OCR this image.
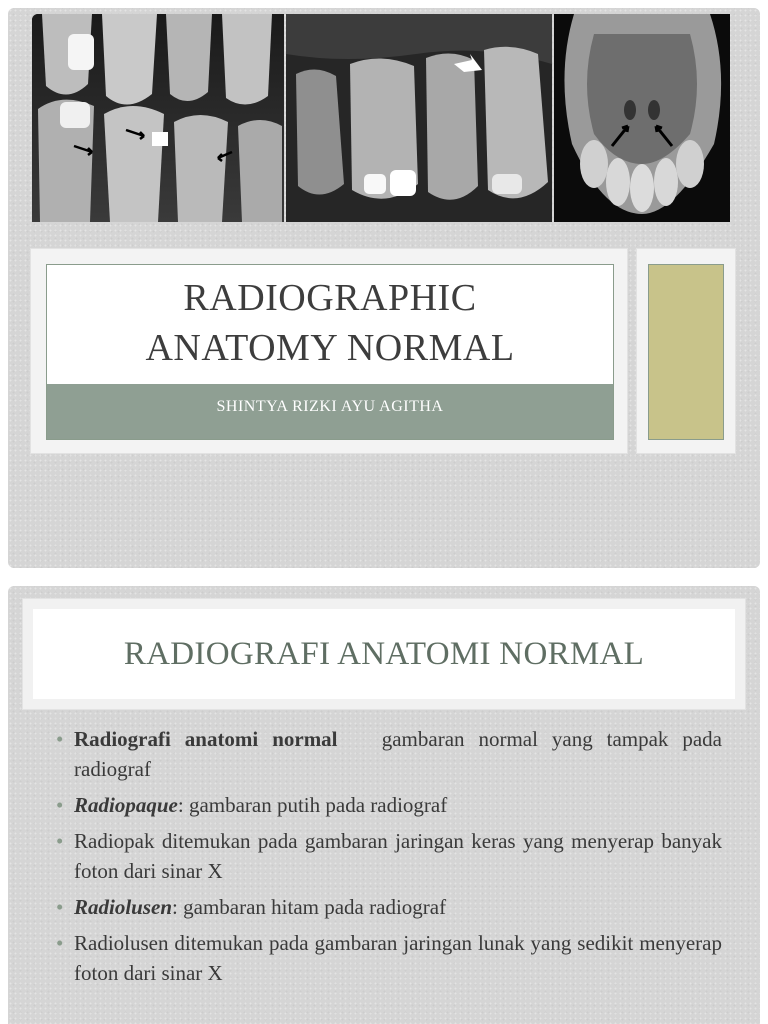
RADIOGRAPHIC
ANATOMY NORMAL
SHINTYA RIZKI AYU AGITHA
RADIOGRAFI ANATOMI NORMAL
• Radiografi anatomi normal gambaran normal yang tampak pada radiograf
• Radiopaque: gambaran putih pada radiograf
• Radiopak ditemukan pada gambaran jaringan keras yang menyerap banyak foton dari sinar X
• Radiolusen: gambaran hitam pada radiograf
• Radiolusen ditemukan pada gambaran jaringan lunak yang sedikit menyerap foton dari sinar X
